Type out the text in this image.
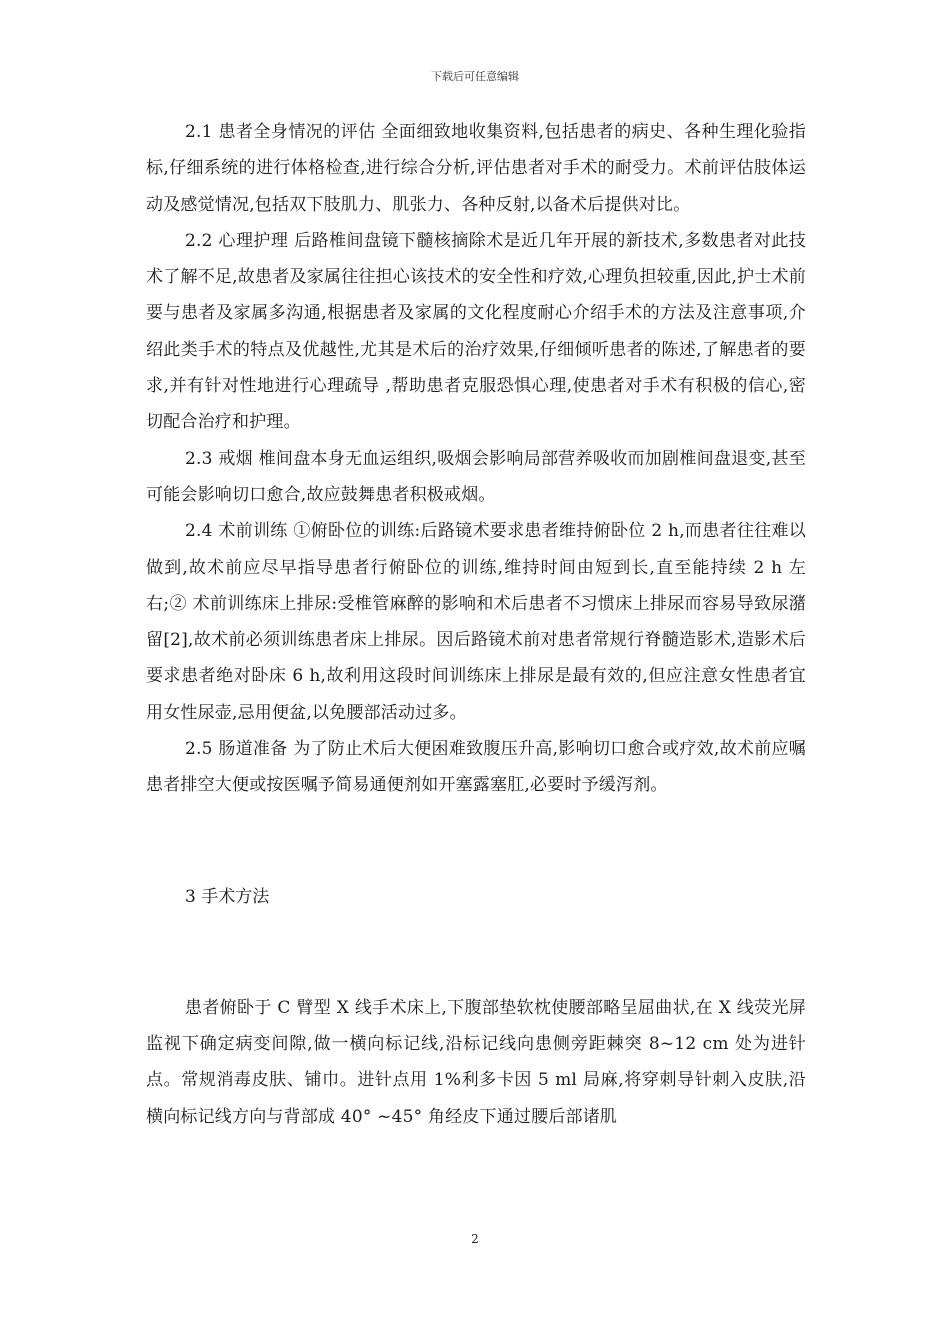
下载后可任意编辑

2.1 患者全身情况的评估 全面细致地收集资料,包括患者的病史、各种生理化验指标,仔细系统的进行体格检查,进行综合分析,评估患者对手术的耐受力。术前评估肢体运动及感觉情况,包括双下肢肌力、肌张力、各种反射,以备术后提供对比。

2.2 心理护理 后路椎间盘镜下髓核摘除术是近几年开展的新技术,多数患者对此技术了解不足,故患者及家属往往担心该技术的安全性和疗效,心理负担较重,因此,护士术前要与患者及家属多沟通,根据患者及家属的文化程度耐心介绍手术的方法及注意事项,介绍此类手术的特点及优越性,尤其是术后的治疗效果,仔细倾听患者的陈述,了解患者的要求,并有针对性地进行心理疏导 ,帮助患者克服恐惧心理,使患者对手术有积极的信心,密切配合治疗和护理。

2.3 戒烟 椎间盘本身无血运组织,吸烟会影响局部营养吸收而加剧椎间盘退变,甚至可能会影响切口愈合,故应鼓舞患者积极戒烟。

2.4 术前训练 ①俯卧位的训练:后路镜术要求患者维持俯卧位 2 h,而患者往往难以做到,故术前应尽早指导患者行俯卧位的训练,维持时间由短到长,直至能持续 2 h 左右;② 术前训练床上排尿:受椎管麻醉的影响和术后患者不习惯床上排尿而容易导致尿潴留[2],故术前必须训练患者床上排尿。因后路镜术前对患者常规行脊髓造影术,造影术后要求患者绝对卧床 6 h,故利用这段时间训练床上排尿是最有效的,但应注意女性患者宜用女性尿壶,忌用便盆,以免腰部活动过多。

2.5 肠道准备 为了防止术后大便困难致腹压升高,影响切口愈合或疗效,故术前应嘱患者排空大便或按医嘱予简易通便剂如开塞露塞肛,必要时予缓泻剂。

3 手术方法

患者俯卧于 C 臂型 X 线手术床上,下腹部垫软枕使腰部略呈屈曲状,在 X 线荧光屏监视下确定病变间隙,做一横向标记线,沿标记线向患侧旁距棘突 8~12 cm 处为进针点。常规消毒皮肤、铺巾。进针点用 1%利多卡因 5 ml 局麻,将穿刺导针刺入皮肤,沿横向标记线方向与背部成 40° ~45° 角经皮下通过腰后部诸肌

2
